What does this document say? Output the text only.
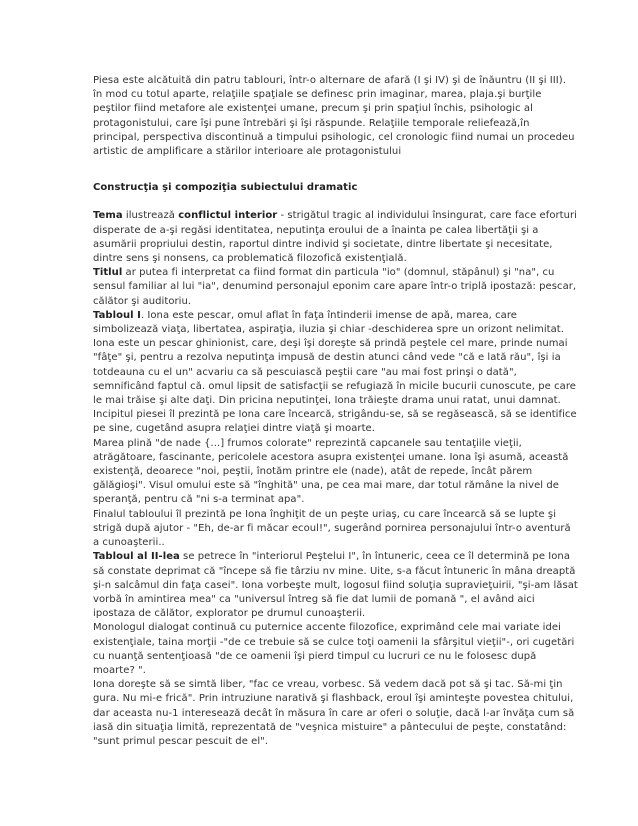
Piesa este alcătuită din patru tablouri, într-o alternare de afară (I şi IV) şi de înăuntru (II şi III). în mod cu totul aparte, relaţiile spaţiale se definesc prin imaginar, marea, plaja.şi burţile peştilor fiind metafore ale existenţei umane, precum şi prin spaţiul închis, psihologic al protagonistului, care îşi pune întrebări şi îşi răspunde. Relaţiile temporale reliefează,în principal, perspectiva discontinuă a timpului psihologic, cel cronologic fiind numai un procedeu artistic de amplificare a stărilor interioare ale protagonistului

Construcţia şi compoziţia subiectului dramatic

Tema ilustrează conflictul interior - strigătul tragic al individului însingurat, care face eforturi disperate de a-şi regăsi identitatea, neputinţa eroului de a înainta pe calea libertăţii şi a asumării propriului destin, raportul dintre individ şi societate, dintre libertate şi necesitate, dintre sens şi nonsens, ca problematică filozofică existenţială.

Titlul ar putea fi interpretat ca fiind format din particula "io" (domnul, stăpânul) şi "na", cu sensul familiar al lui "ia", denumind personajul eponim care apare într-o triplă ipostază: pescar, călător şi auditoriu.

Tabloul I. Iona este pescar, omul aflat în faţa întinderii imense de apă, marea, care simbolizează viaţa, libertatea, aspiraţia, iluzia şi chiar -deschiderea spre un orizont nelimitat. Iona este un pescar ghinionist, care, deşi îşi doreşte să prindă peştele cel mare, prinde numai "fâţe" şi, pentru a rezolva neputinţa impusă de destin atunci când vede "că e lată rău", îşi ia totdeauna cu el un" acvariu ca să pescuiască peştii care "au mai fost prinşi o dată", semnificând faptul că. omul lipsit de satisfacţii se refugiază în micile bucurii cunoscute, pe care le mai trăise şi alte daţi. Din pricina neputinţei, Iona trăieşte drama unui ratat, unui damnat.

Incipitul piesei îl prezintă pe Iona care încearcă, strigându-se, să se regăsească, să se identifice pe sine, cugetând asupra relaţiei dintre viaţă şi moarte.

Marea plină "de nade {...] frumos colorate" reprezintă capcanele sau tentaţiile vieţii, atrăgătoare, fascinante, pericolele acestora asupra existenţei umane. Iona îşi asumă, această existenţă, deoarece "noi, peştii, înotăm printre ele (nade), atât de repede, încât părem gălăgioşi". Visul omului este să "înghită" una, pe cea mai mare, dar totul rămâne la nivel de speranţă, pentru că "ni s-a terminat apa".

Finalul tabloului îl prezintă pe Iona înghiţit de un peşte uriaş, cu care încearcă să se lupte şi strigă după ajutor - "Eh, de-ar fi măcar ecoul!", sugerând pornirea personajului într-o aventură a cunoaşterii..

Tabloul al II-lea se petrece în "interiorul Peştelui I", în întuneric, ceea ce îl determină pe Iona să constate deprimat că "începe să fie târziu nv mine. Uite, s-a făcut întuneric în mâna dreaptă şi-n salcâmul din faţa casei". Iona vorbeşte mult, logosul fiind soluţia supravieţuirii, "şi-am lăsat vorbă în amintirea mea" ca "universul întreg să fie dat lumii de pomană ", el având aici ipostaza de călător, explorator pe drumul cunoaşterii.

Monologul dialogat continuă cu puternice accente filozofice, exprimând cele mai variate idei existenţiale, taina morţii -"de ce trebuie să se culce toţi oamenii la sfârşitul vieţii"-, ori cugetări cu nuanţă sentenţioasă "de ce oamenii îşi pierd timpul cu lucruri ce nu le folosesc după moarte? ".

Iona doreşte să se simtă liber, "fac ce vreau, vorbesc. Să vedem dacă pot să şi tac. Să-mi ţin gura. Nu mi-e frică". Prin intruziune narativă şi flashback, eroul îşi aminteşte povestea chitului, dar aceasta nu-1 interesează decât în măsura în care ar oferi o soluţie, dacă l-ar învăţa cum să iasă din situaţia limită, reprezentată de "veşnica mistuire" a pântecului de peşte, constatând: "sunt primul pescar pescuit de el".
